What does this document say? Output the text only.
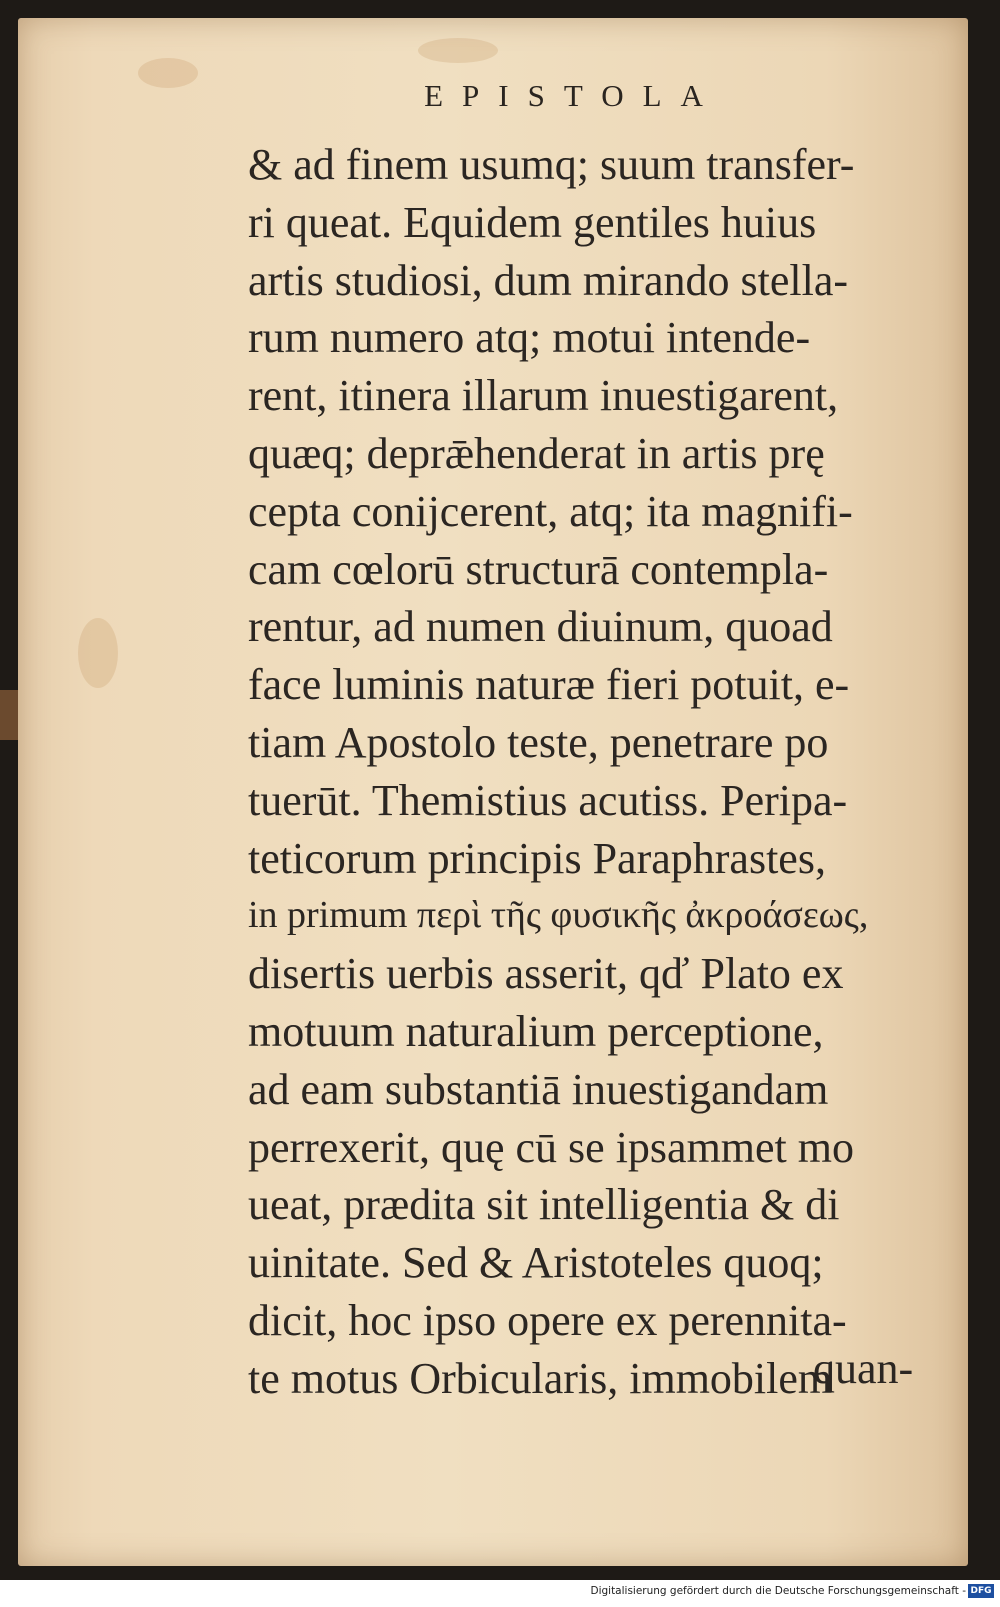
EPISTOLA
& ad finem usumq; suum transfer-
ri queat. Equidem gentiles huius
artis studiosi, dum mirando stella-
rum numero atq; motui intende-
rent, itinera illarum inuestigarent,
quæq; deprǣhenderat in artis prę
cepta conijcerent, atq; ita magnifi-
cam cœlorū structurā contempla-
rentur, ad numen diuinum, quoad
face luminis naturæ fieri potuit, e-
tiam Apostolo teste, penetrare po
tuerūt. Themistius acutiss. Peripa-
teticorum principis Paraphrastes,
in primum περὶ τῆς φυσικῆς ἀκροάσεως,
disertis uerbis asserit, qď Plato ex
motuum naturalium perceptione,
ad eam substantiā inuestigandam
perrexerit, quę cū se ipsammet mo
ueat, prædita sit intelligentia & di
uinitate. Sed & Aristoteles quoq;
dicit, hoc ipso opere ex perennita-
te motus Orbicularis, immobilem
quan-
Digitalisierung gefördert durch die Deutsche Forschungsgemeinschaft - DFG
